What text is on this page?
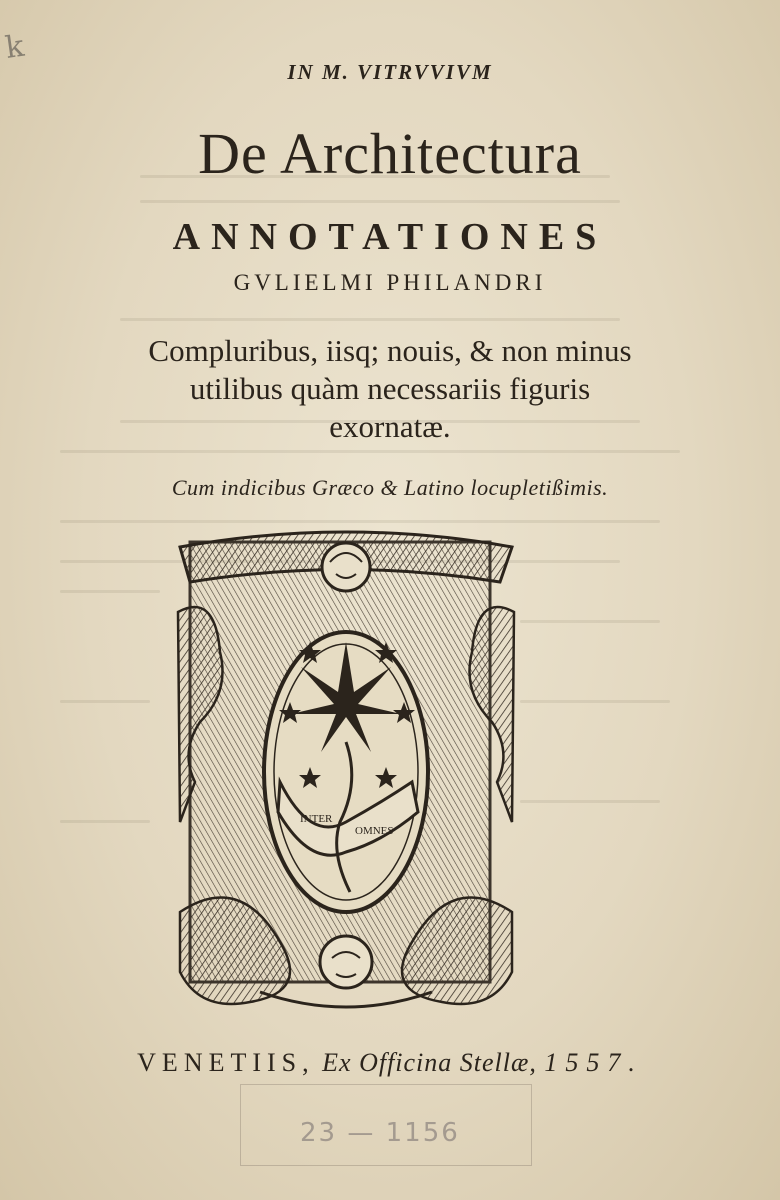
k
IN M. VITRVVIVM
De Architectura
ANNOTATIONES
GVLIELMI PHILANDRI
Compluribus, iisq; nouis, & non minus
utilibus quàm necessariis figuris
exornatæ.
Cum indicibus Græco & Latino locupletißimis.
INTER
OMNES
23 — 1156
VENETIIS, Ex Officina Stellæ, 1557.
